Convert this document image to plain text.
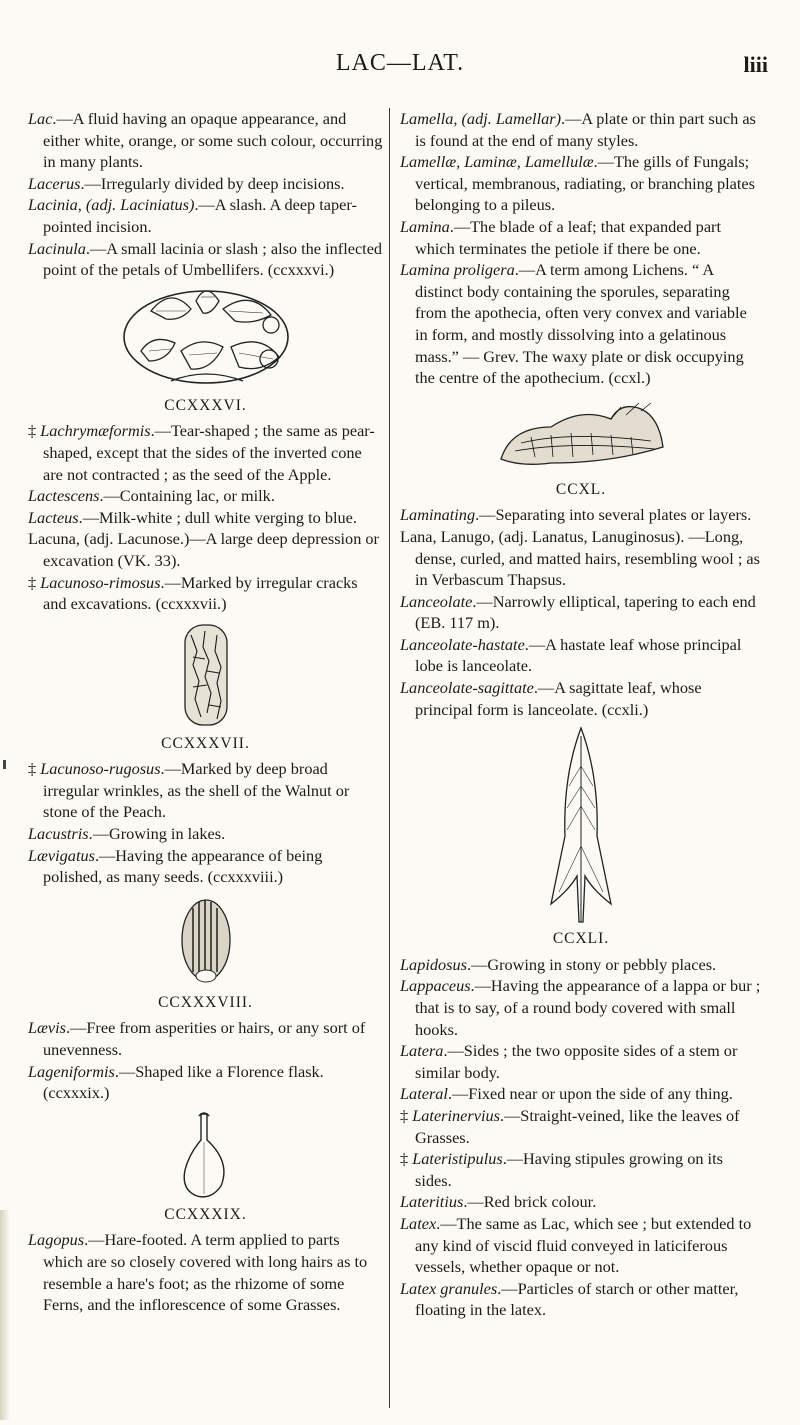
LAC—LAT.	liii

Lac.—A fluid having an opaque appearance, and either white, orange, or some such colour, occurring in many plants.

Lacerus.—Irregularly divided by deep incisions.

Lacinia, (adj. Laciniatus).—A slash. A deep taper-pointed incision.

Lacinula.—A small lacinia or slash ; also the inflected point of the petals of Umbellifers. (ccxxxvi.)

CCXXXVI.

‡ Lachrymæformis.—Tear-shaped ; the same as pear-shaped, except that the sides of the inverted cone are not contracted ; as the seed of the Apple.

Lactescens.—Containing lac, or milk.

Lacteus.—Milk-white ; dull white verging to blue.

Lacuna, (adj. Lacunose.)—A large deep depression or excavation (VK. 33).

‡ Lacunoso-rimosus.—Marked by irregular cracks and excavations. (ccxxxvii.)

CCXXXVII.

‡ Lacunoso-rugosus.—Marked by deep broad irregular wrinkles, as the shell of the Walnut or stone of the Peach.

Lacustris.—Growing in lakes.

Lævigatus.—Having the appearance of being polished, as many seeds. (ccxxxviii.)

CCXXXVIII.

Lævis.—Free from asperities or hairs, or any sort of unevenness.

Lageniformis.—Shaped like a Florence flask. (ccxxxix.)

CCXXXIX.

Lagopus.—Hare-footed. A term applied to parts which are so closely covered with long hairs as to resemble a hare's foot; as the rhizome of some Ferns, and the inflorescence of some Grasses.

Lamella, (adj. Lamellar).—A plate or thin part such as is found at the end of many styles.

Lamellæ, Laminæ, Lamellulæ.—The gills of Fungals; vertical, membranous, radiating, or branching plates belonging to a pileus.

Lamina.—The blade of a leaf; that expanded part which terminates the petiole if there be one.

Lamina proligera.—A term among Lichens. “ A distinct body containing the sporules, separating from the apothecia, often very convex and variable in form, and mostly dissolving into a gelatinous mass.” — Grev. The waxy plate or disk occupying the centre of the apothecium. (ccxl.)

CCXL.

Laminating.—Separating into several plates or layers.

Lana, Lanugo, (adj. Lanatus, Lanuginosus). —Long, dense, curled, and matted hairs, resembling wool ; as in Verbascum Thapsus.

Lanceolate.—Narrowly elliptical, tapering to each end (EB. 117 m).

Lanceolate-hastate.—A hastate leaf whose principal lobe is lanceolate.

Lanceolate-sagittate.—A sagittate leaf, whose principal form is lanceolate. (ccxli.)

CCXLI.

Lapidosus.—Growing in stony or pebbly places.

Lappaceus.—Having the appearance of a lappa or bur ; that is to say, of a round body covered with small hooks.

Latera.—Sides ; the two opposite sides of a stem or similar body.

Lateral.—Fixed near or upon the side of any thing.

‡ Laterinervius.—Straight-veined, like the leaves of Grasses.

‡ Lateristipulus.—Having stipules growing on its sides.

Lateritius.—Red brick colour.

Latex.—The same as Lac, which see ; but extended to any kind of viscid fluid conveyed in laticiferous vessels, whether opaque or not.

Latex granules.—Particles of starch or other matter, floating in the latex.
